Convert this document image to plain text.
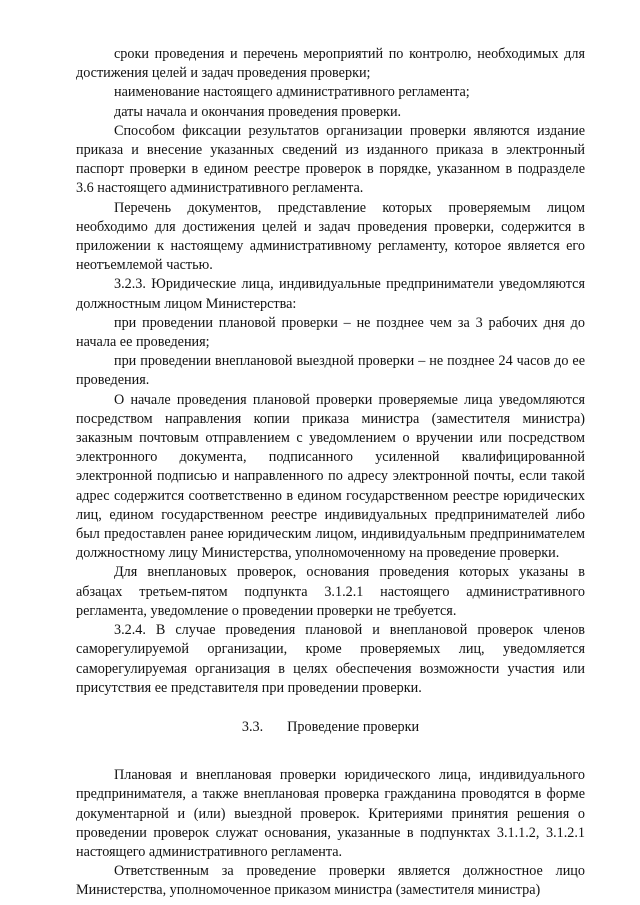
сроки проведения и перечень мероприятий по контролю, необходимых для достижения целей и задач проведения проверки;

наименование настоящего административного регламента;

даты начала и окончания проведения проверки.

Способом фиксации результатов организации проверки являются издание приказа и внесение указанных сведений из изданного приказа в электронный паспорт проверки в едином реестре проверок в порядке, указанном в подразделе 3.6 настоящего административного регламента.

Перечень документов, представление которых проверяемым лицом необходимо для достижения целей и задач проведения проверки, содержится в приложении к настоящему административному регламенту, которое является его неотъемлемой частью.

3.2.3. Юридические лица, индивидуальные предприниматели уведомляются должностным лицом Министерства:

при проведении плановой проверки – не позднее чем за 3 рабочих дня до начала ее проведения;

при проведении внеплановой выездной проверки – не позднее 24 часов до ее проведения.

О начале проведения плановой проверки проверяемые лица уведомляются посредством направления копии приказа министра (заместителя министра) заказным почтовым отправлением с уведомлением о вручении или посредством электронного документа, подписанного усиленной квалифицированной электронной подписью и направленного по адресу электронной почты, если такой адрес содержится соответственно в едином государственном реестре юридических лиц, едином государственном реестре индивидуальных предпринимателей либо был предоставлен ранее юридическим лицом, индивидуальным предпринимателем должностному лицу Министерства, уполномоченному на проведение проверки.

Для внеплановых проверок, основания проведения которых указаны в абзацах третьем-пятом подпункта 3.1.2.1 настоящего административного регламента, уведомление о проведении проверки не требуется.

3.2.4. В случае проведения плановой и внеплановой проверок членов саморегулируемой организации, кроме проверяемых лиц, уведомляется саморегулируемая организация в целях обеспечения возможности участия или присутствия ее представителя при проведении проверки.

3.3. Проведение проверки

Плановая и внеплановая проверки юридического лица, индивидуального предпринимателя, а также внеплановая проверка гражданина проводятся в форме документарной и (или) выездной проверок. Критериями принятия решения о проведении проверок служат основания, указанные в подпунктах 3.1.1.2, 3.1.2.1 настоящего административного регламента.

Ответственным за проведение проверки является должностное лицо Министерства, уполномоченное приказом министра (заместителя министра)
